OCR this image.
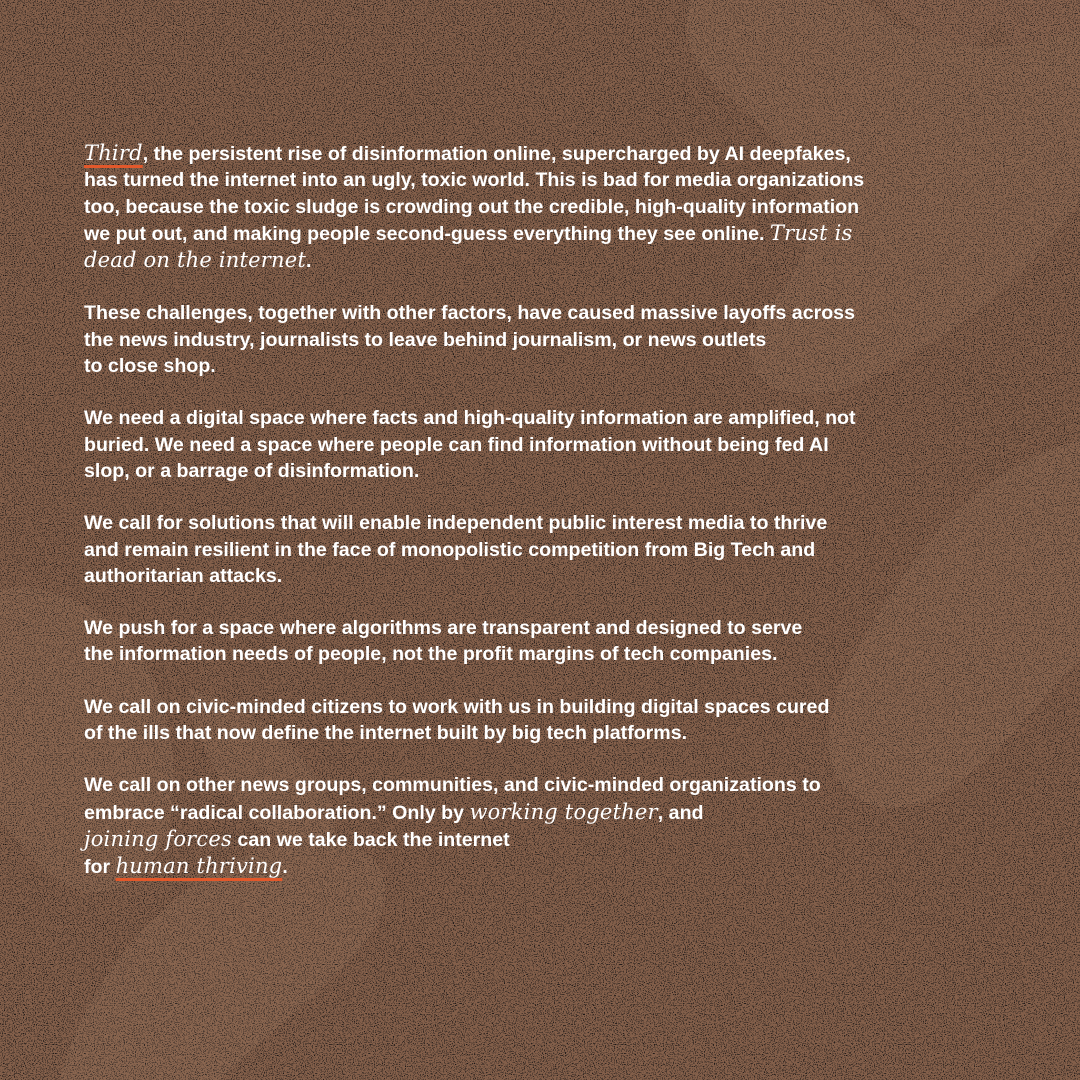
Third, the persistent rise of disinformation online, supercharged by AI deepfakes,
has turned the internet into an ugly, toxic world. This is bad for media organizations
too, because the toxic sludge is crowding out the credible, high-quality information
we put out, and making people second-guess everything they see online. Trust is
dead on the internet.
These challenges, together with other factors, have caused massive layoffs across
the news industry, journalists to leave behind journalism, or news outlets
to close shop.
We need a digital space where facts and high-quality information are amplified, not
buried. We need a space where people can find information without being fed AI
slop, or a barrage of disinformation.
We call for solutions that will enable independent public interest media to thrive
and remain resilient in the face of monopolistic competition from Big Tech and
authoritarian attacks.
We push for a space where algorithms are transparent and designed to serve
the information needs of people, not the profit margins of tech companies.
We call on civic-minded citizens to work with us in building digital spaces cured
of the ills that now define the internet built by big tech platforms.
We call on other news groups, communities, and civic-minded organizations to
embrace “radical collaboration.” Only by working together, and
joining forces can we take back the internet
for human thriving.
